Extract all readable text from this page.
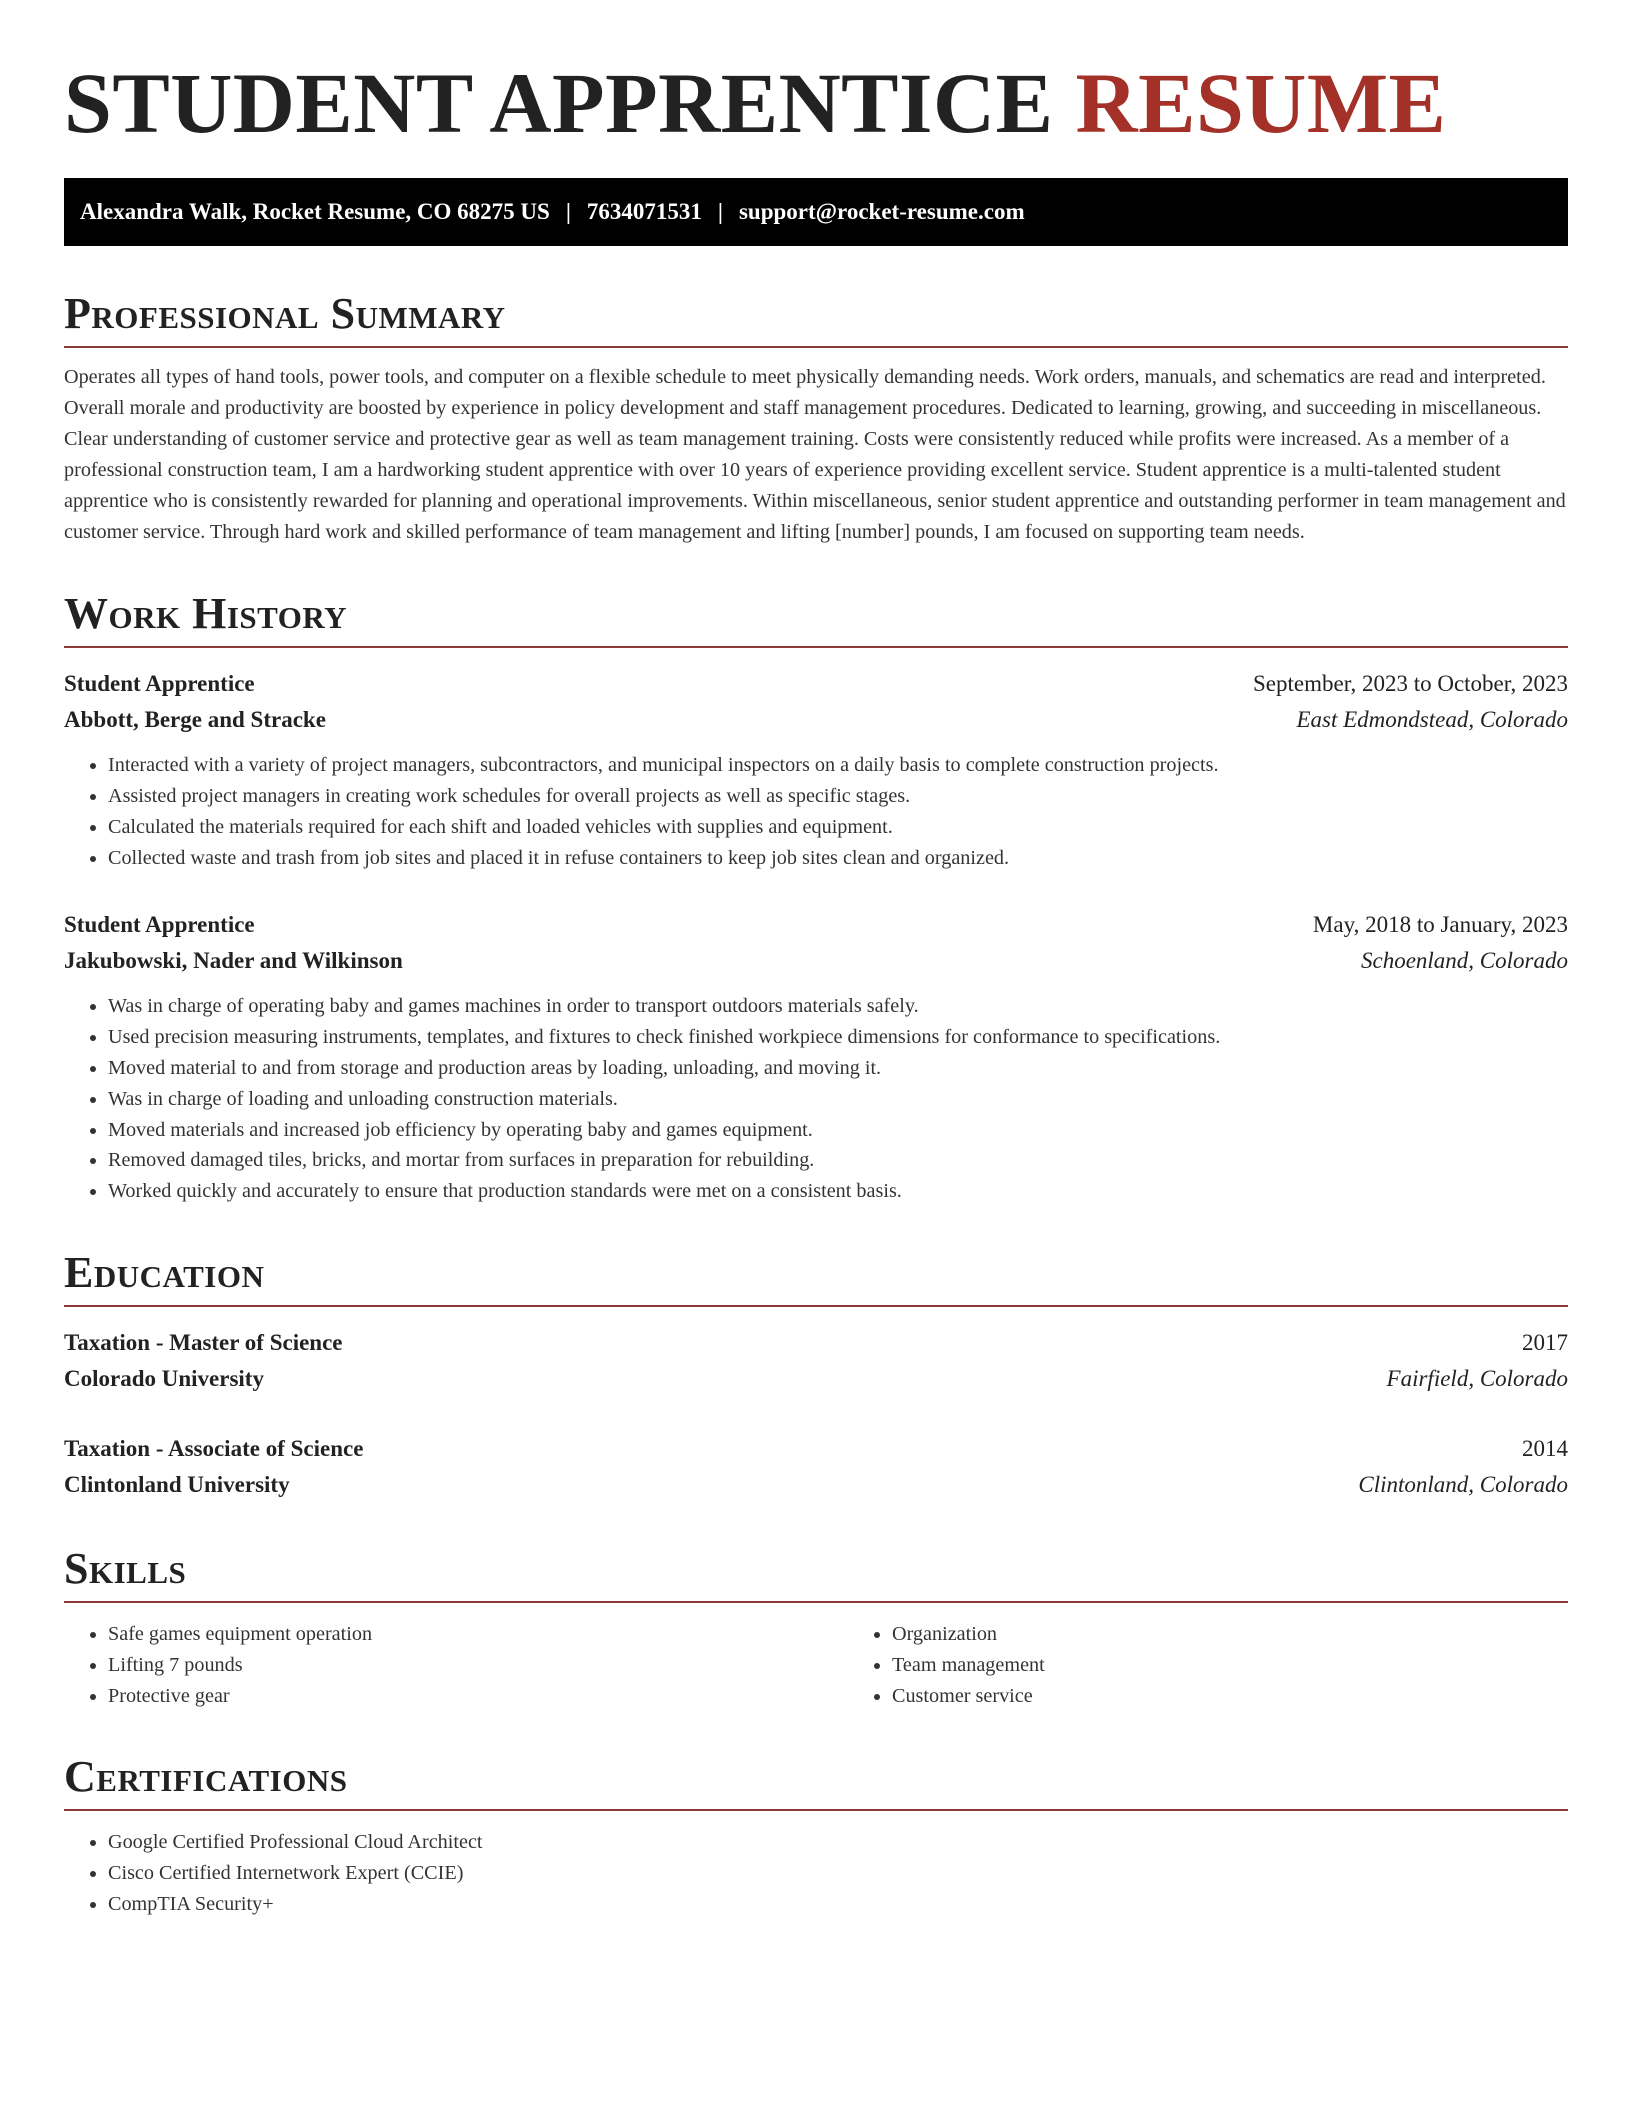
STUDENT APPRENTICE RESUME
Alexandra Walk, Rocket Resume, CO 68275 US | 7634071531 | support@rocket-resume.com
Professional Summary

Operates all types of hand tools, power tools, and computer on a flexible schedule to meet physically demanding needs. Work orders, manuals, and schematics are read and interpreted. Overall morale and productivity are boosted by experience in policy development and staff management procedures. Dedicated to learning, growing, and succeeding in miscellaneous. Clear understanding of customer service and protective gear as well as team management training. Costs were consistently reduced while profits were increased. As a member of a professional construction team, I am a hardworking student apprentice with over 10 years of experience providing excellent service. Student apprentice is a multi-talented student apprentice who is consistently rewarded for planning and operational improvements. Within miscellaneous, senior student apprentice and outstanding performer in team management and customer service. Through hard work and skilled performance of team management and lifting [number] pounds, I am focused on supporting team needs.

Work History
Student Apprentice	September, 2023 to October, 2023
Abbott, Berge and Stracke	East Edmondstead, Colorado
• Interacted with a variety of project managers, subcontractors, and municipal inspectors on a daily basis to complete construction projects.
• Assisted project managers in creating work schedules for overall projects as well as specific stages.
• Calculated the materials required for each shift and loaded vehicles with supplies and equipment.
• Collected waste and trash from job sites and placed it in refuse containers to keep job sites clean and organized.
Student Apprentice	May, 2018 to January, 2023
Jakubowski, Nader and Wilkinson	Schoenland, Colorado
• Was in charge of operating baby and games machines in order to transport outdoors materials safely.
• Used precision measuring instruments, templates, and fixtures to check finished workpiece dimensions for conformance to specifications.
• Moved material to and from storage and production areas by loading, unloading, and moving it.
• Was in charge of loading and unloading construction materials.
• Moved materials and increased job efficiency by operating baby and games equipment.
• Removed damaged tiles, bricks, and mortar from surfaces in preparation for rebuilding.
• Worked quickly and accurately to ensure that production standards were met on a consistent basis.
Education
Taxation - Master of Science	2017
Colorado University	Fairfield, Colorado
Taxation - Associate of Science	2014
Clintonland University	Clintonland, Colorado
Skills
• Safe games equipment operation
• Lifting 7 pounds
• Protective gear
• Organization
• Team management
• Customer service
Certifications
• Google Certified Professional Cloud Architect
• Cisco Certified Internetwork Expert (CCIE)
• CompTIA Security+
